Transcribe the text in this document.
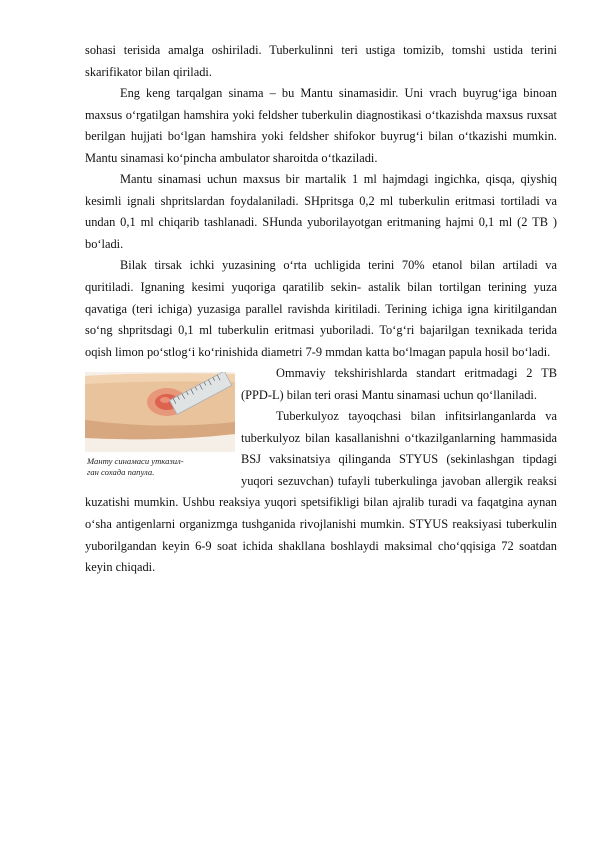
sohasi terisida amalga oshiriladi. Tuberkulinni teri ustiga tomizib, tomshi ustida terini skarifikator bilan qiriladi.

Eng keng tarqalgan sinama – bu Mantu sinamasidir. Uni vrach buyrug‘iga binoan maxsus o‘rgatilgan hamshira yoki feldsher tuberkulin diagnostikasi o‘tkazishda maxsus ruxsat berilgan hujjati bo‘lgan hamshira yoki feldsher shifokor buyrug‘i bilan o‘tkazishi mumkin. Mantu sinamasi ko‘pincha ambulator sharoitda o‘tkaziladi.

Mantu sinamasi uchun maxsus bir martalik 1 ml hajmdagi ingichka, qisqa, qiyshiq kesimli ignali shpritslardan foydalaniladi. SHpritsga 0,2 ml tuberkulin eritmasi tortiladi va undan 0,1 ml chiqarib tashlanadi. SHunda yuborilayotgan eritmaning hajmi 0,1 ml (2 TB ) bo‘ladi.

Bilak tirsak ichki yuzasining o‘rta uchligida terini 70% etanol bilan artiladi va quritiladi. Ignaning kesimi yuqoriga qaratilib sekin- astalik bilan tortilgan terining yuza qavatiga (teri ichiga) yuzasiga parallel ravishda kiritiladi. Terining ichiga igna kiritilgandan so‘ng shpritsdagi 0,1 ml tuberkulin eritmasi yuboriladi. To‘g‘ri bajarilgan texnikada terida oqish limon po‘stlog‘i ko‘rinishida diametri 7-9 mmdan katta bo‘lmagan papula hosil bo‘ladi.

Манту синамаси утказил-
ган сохада папула.

Ommaviy tekshirishlarda standart eritmadagi 2 TB (PPD-L) bilan teri orasi Mantu sinamasi uchun qo‘llaniladi.

Tuberkulyoz tayoqchasi bilan infitsirlanganlarda va tuberkulyoz bilan kasallanishni o‘tkazilganlarning hammasida BSJ vaksinatsiya qilinganda STYUS (sekinlashgan tipdagi yuqori sezuvchan) tufayli tuberkulinga javoban allergik reaksi kuzatishi mumkin. Ushbu reaksiya yuqori spetsifikligi bilan ajralib turadi va faqatgina aynan o‘sha antigenlarni organizmga tushganida rivojlanishi mumkin. STYUS reaksiyasi tuberkulin yuborilgandan keyin 6-9 soat ichida shakllana boshlaydi maksimal cho‘qqisiga 72 soatdan keyin chiqadi.
